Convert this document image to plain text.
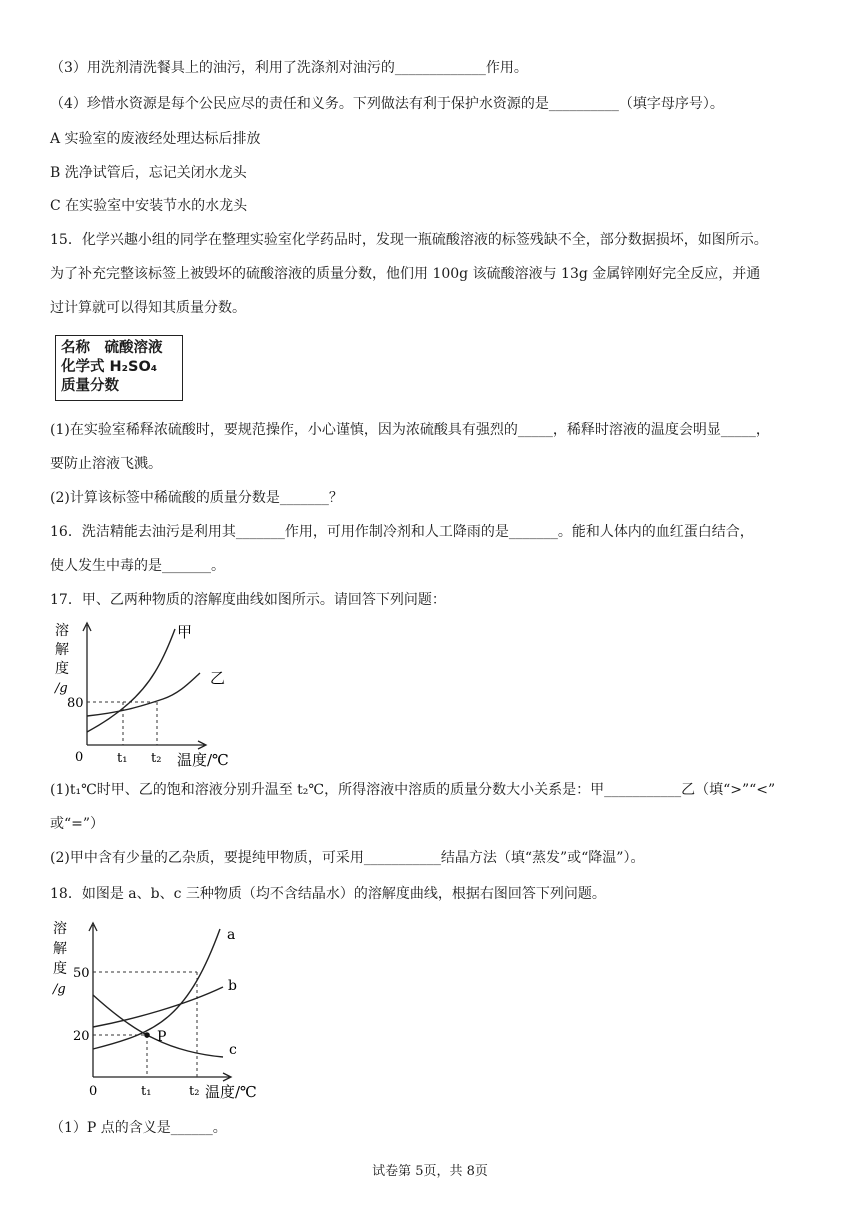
（3）用洗剂清洗餐具上的油污，利用了洗涤剂对油污的_____________作用。
（4）珍惜水资源是每个公民应尽的责任和义务。下列做法有利于保护水资源的是__________（填字母序号）。
A 实验室的废液经处理达标后排放
B 洗净试管后，忘记关闭水龙头
C 在实验室中安装节水的水龙头
15．化学兴趣小组的同学在整理实验室化学药品时，发现一瓶硫酸溶液的标签残缺不全，部分数据损坏，如图所示。
为了补充完整该标签上被毁坏的硫酸溶液的质量分数，他们用 100g 该硫酸溶液与 13g 金属锌刚好完全反应，并通
过计算就可以得知其质量分数。
名称　硫酸溶液
化学式 H₂SO₄
质量分数
(1)在实验室稀释浓硫酸时，要规范操作，小心谨慎，因为浓硫酸具有强烈的_____，稀释时溶液的温度会明显_____，
要防止溶液飞溅。
(2)计算该标签中稀硫酸的质量分数是_______？
16．洗洁精能去油污是利用其_______作用，可用作制冷剂和人工降雨的是_______。能和人体内的血红蛋白结合，
使人发生中毒的是_______。
17．甲、乙两种物质的溶解度曲线如图所示。请回答下列问题：
溶
解
度
/g
0
80
甲
乙
t₁ t₂ 温度/℃
(1)t₁℃时甲、乙的饱和溶液分别升温至 t₂℃，所得溶液中溶质的质量分数大小关系是：甲___________乙（填“>”“<”
或“=”）
(2)甲中含有少量的乙杂质，要提纯甲物质，可采用___________结晶方法（填“蒸发”或“降温”）。
18．如图是 a、b、c 三种物质（均不含结晶水）的溶解度曲线，根据右图回答下列问题。
溶
解
度
/g
0
50
20	P
a
b
c
t₁	t₂ 温度/℃
（1）P 点的含义是______。
试卷第 5页，共 8页
